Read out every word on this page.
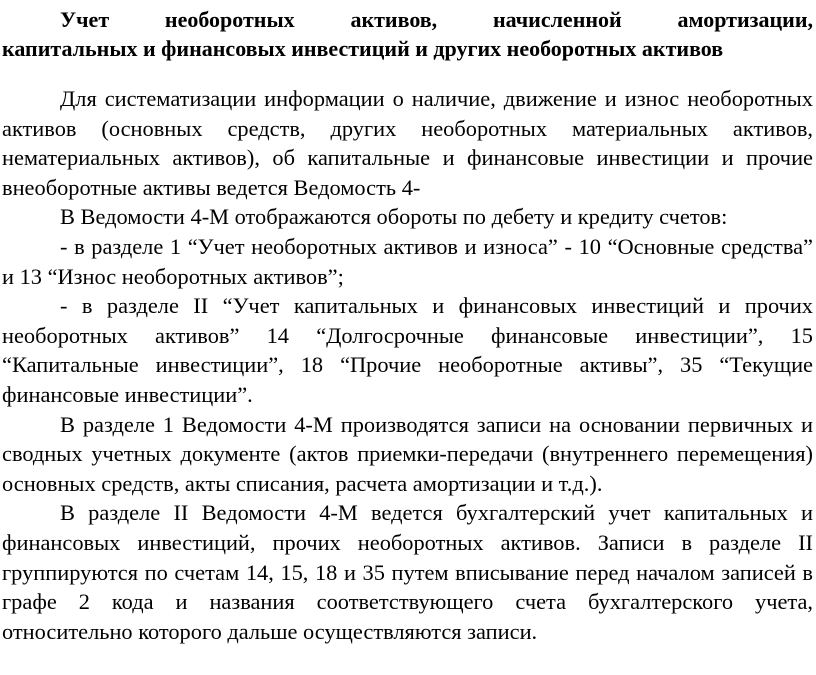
Учет необоротных активов, начисленной амортизации,
капитальных и финансовых инвестиций и других необоротных активов

Для систематизации информации о наличие, движение и износ необоротных активов (основных средств, других необоротных материальных активов, нематериальных активов), об капитальные и финансовые инвестиции и прочие внеоборотные активы ведется Ведомость 4-

В Ведомости 4-М отображаются обороты по дебету и кредиту счетов:

- в разделе 1 “Учет необоротных активов и износа” - 10 “Основные средства” и 13 “Износ необоротных активов”;

- в разделе II “Учет капитальных и финансовых инвестиций и прочих необоротных активов” 14 “Долгосрочные финансовые инвестиции”, 15 “Капитальные инвестиции”, 18 “Прочие необоротные активы”, 35 “Текущие финансовые инвестиции”.

В разделе 1 Ведомости 4-М производятся записи на основании первичных и сводных учетных документе (актов приемки-передачи (внутреннего перемещения) основных средств, акты списания, расчета амортизации и т.д.).

В разделе II Ведомости 4-М ведется бухгалтерский учет капитальных и финансовых инвестиций, прочих необоротных активов. Записи в разделе II группируются по счетам 14, 15, 18 и 35 путем вписывание перед началом записей в графе 2 кода и названия соответствующего счета бухгалтерского учета, относительно которого дальше осуществляются записи.
